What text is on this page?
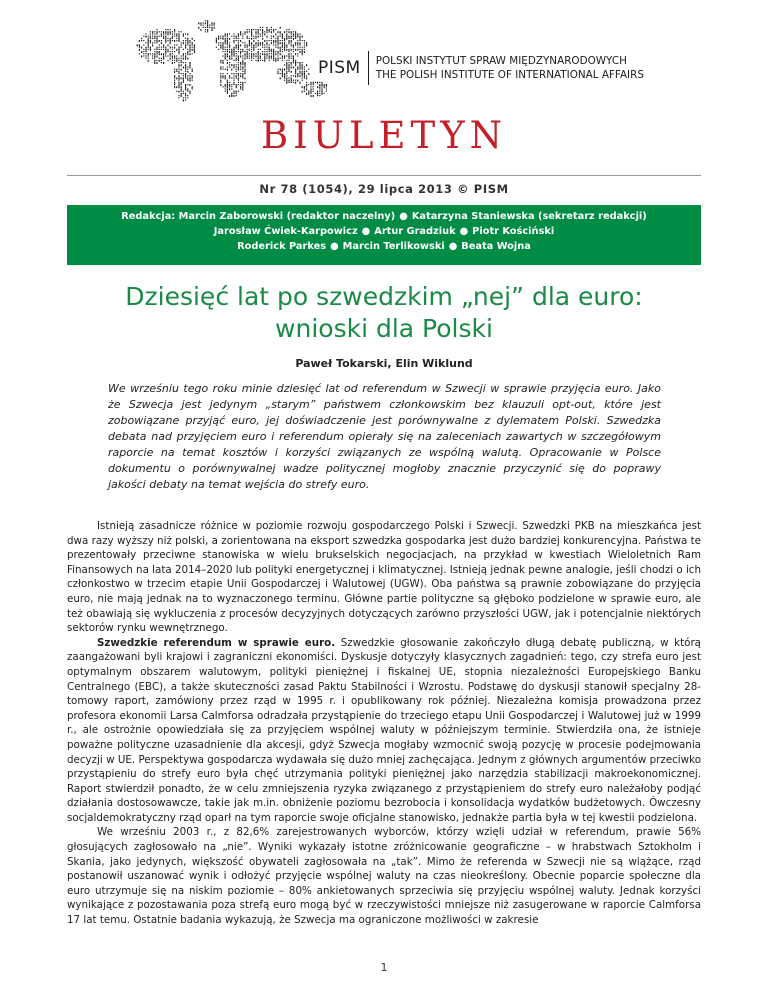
PISM	POLSKI INSTYTUT SPRAW MIĘDZYNARODOWYCH
THE POLISH INSTITUTE OF INTERNATIONAL AFFAIRS
BIULETYN
Nr 78 (1054), 29 lipca 2013 © PISM
Redakcja: Marcin Zaborowski (redaktor naczelny) ● Katarzyna Staniewska (sekretarz redakcji)
Jarosław Ćwiek-Karpowicz ● Artur Gradziuk ● Piotr Kościński
Roderick Parkes ● Marcin Terlikowski ● Beata Wojna
Dziesięć lat po szwedzkim „nej” dla euro:
wnioski dla Polski
Paweł Tokarski, Elin Wiklund
We wrześniu tego roku minie dziesięć lat od referendum w Szwecji w sprawie przyjęcia euro. Jako że Szwecja jest jedynym „starym” państwem członkowskim bez klauzuli opt-out, które jest zobowiązane przyjąć euro, jej doświadczenie jest porównywalne z dylematem Polski. Szwedzka debata nad przyjęciem euro i referendum opierały się na zaleceniach zawartych w szczegółowym raporcie na temat kosztów i korzyści związanych ze wspólną walutą. Opracowanie w Polsce dokumentu o porównywalnej wadze politycznej mogłoby znacznie przyczynić się do poprawy jakości debaty na temat wejścia do strefy euro.

Istnieją zasadnicze różnice w poziomie rozwoju gospodarczego Polski i Szwecji. Szwedzki PKB na mieszkańca jest dwa razy wyższy niż polski, a zorientowana na eksport szwedzka gospodarka jest dużo bardziej konkurencyjna. Państwa te prezentowały przeciwne stanowiska w wielu brukselskich negocjacjach, na przykład w kwestiach Wieloletnich Ram Finansowych na lata 2014–2020 lub polityki energetycznej i klimatycznej. Istnieją jednak pewne analogie, jeśli chodzi o ich członkostwo w trzecim etapie Unii Gospodarczej i Walutowej (UGW). Oba państwa są prawnie zobowiązane do przyjęcia euro, nie mają jednak na to wyznaczonego terminu. Główne partie polityczne są głęboko podzielone w sprawie euro, ale też obawiają się wykluczenia z procesów decyzyjnych dotyczących zarówno przyszłości UGW, jak i potencjalnie niektórych sektorów rynku wewnętrznego.

Szwedzkie referendum w sprawie euro. Szwedzkie głosowanie zakończyło długą debatę publiczną, w którą zaangażowani byli krajowi i zagraniczni ekonomiści. Dyskusje dotyczyły klasycznych zagadnień: tego, czy strefa euro jest optymalnym obszarem walutowym, polityki pieniężnej i fiskalnej UE, stopnia niezależności Europejskiego Banku Centralnego (EBC), a także skuteczności zasad Paktu Stabilności i Wzrostu. Podstawę do dyskusji stanowił specjalny 28-tomowy raport, zamówiony przez rząd w 1995 r. i opublikowany rok później. Niezależna komisja prowadzona przez profesora ekonomii Larsa Calmforsa odradzała przystąpienie do trzeciego etapu Unii Gospodarczej i Walutowej już w 1999 r., ale ostrożnie opowiedziała się za przyjęciem wspólnej waluty w późniejszym terminie. Stwierdziła ona, że istnieje poważne polityczne uzasadnienie dla akcesji, gdyż Szwecja mogłaby wzmocnić swoją pozycję w procesie podejmowania decyzji w UE. Perspektywa gospodarcza wydawała się dużo mniej zachęcająca. Jednym z głównych argumentów przeciwko przystąpieniu do strefy euro była chęć utrzymania polityki pieniężnej jako narzędzia stabilizacji makroekonomicznej. Raport stwierdził ponadto, że w celu zmniejszenia ryzyka związanego z przystąpieniem do strefy euro należałoby podjąć działania dostosowawcze, takie jak m.in. obniżenie poziomu bezrobocia i konsolidacja wydatków budżetowych. Ówczesny socjaldemokratyczny rząd oparł na tym raporcie swoje oficjalne stanowisko, jednakże partia była w tej kwestii podzielona.

We wrześniu 2003 r., z 82,6% zarejestrowanych wyborców, którzy wzięli udział w referendum, prawie 56% głosujących zagłosowało na „nie”. Wyniki wykazały istotne zróżnicowanie geograficzne – w hrabstwach Sztokholm i Skania, jako jedynych, większość obywateli zagłosowała na „tak”. Mimo że referenda w Szwecji nie są wiążące, rząd postanowił uszanować wynik i odłożyć przyjęcie wspólnej waluty na czas nieokreślony. Obecnie poparcie społeczne dla euro utrzymuje się na niskim poziomie – 80% ankietowanych sprzeciwia się przyjęciu wspólnej waluty. Jednak korzyści wynikające z pozostawania poza strefą euro mogą być w rzeczywistości mniejsze niż zasugerowane w raporcie Calmforsa 17 lat temu. Ostatnie badania wykazują, że Szwecja ma ograniczone możliwości w zakresie

1
